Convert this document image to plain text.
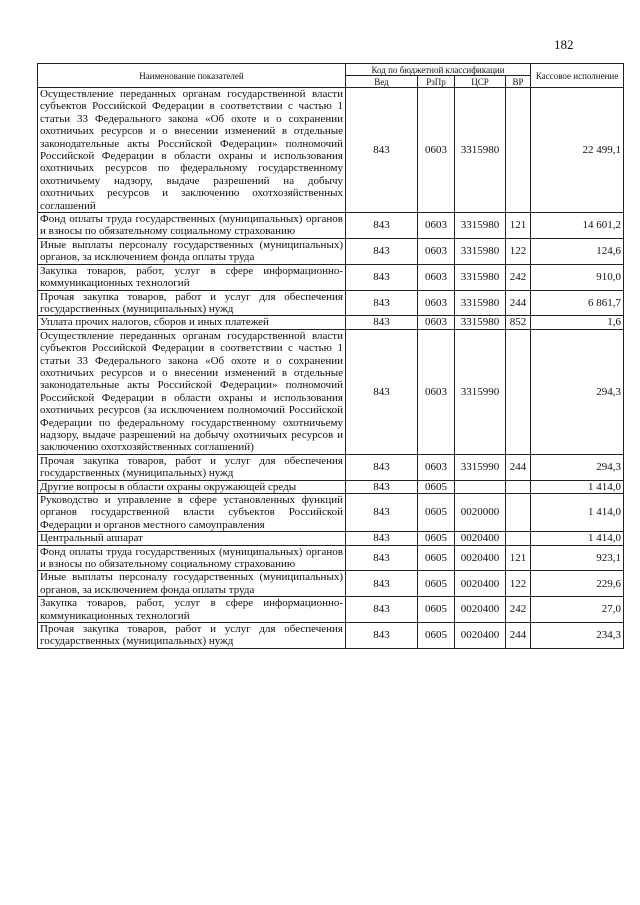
182
Наименование показателей	Код по бюджетной классификации				Кассовое исполнение
	Вед	РзПр	ЦСР	ВР	
Осуществление переданных органам государственной власти субъектов Российской Федерации в соответствии с частью 1 статьи 33 Федерального закона «Об охоте и о сохранении охотничьих ресурсов и о внесении изменений в отдельные законодательные акты Российской Федерации» полномочий Российской Федерации в области охраны и использования охотничьих ресурсов по федеральному государственному охотничьему надзору, выдаче разрешений на добычу охотничьих ресурсов и заключению охотхозяйственных соглашений	843	0603	3315980		22 499,1
Фонд оплаты труда государственных (муниципальных) органов и взносы по обязательному социальному страхованию	843	0603	3315980	121	14 601,2
Иные выплаты персоналу государственных (муниципальных) органов, за исключением фонда оплаты труда	843	0603	3315980	122	124,6
Закупка товаров, работ, услуг в сфере информационно-коммуникационных технологий	843	0603	3315980	242	910,0
Прочая закупка товаров, работ и услуг для обеспечения государственных (муниципальных) нужд	843	0603	3315980	244	6 861,7
Уплата прочих налогов, сборов и иных платежей	843	0603	3315980	852	1,6
Осуществление переданных органам государственной власти субъектов Российской Федерации в соответствии с частью 1 статьи 33 Федерального закона «Об охоте и о сохранении охотничьих ресурсов и о внесении изменений в отдельные законодательные акты Российской Федерации» полномочий Российской Федерации в области охраны и использования охотничьих ресурсов (за исключением полномочий Российской Федерации по федеральному государственному охотничьему надзору, выдаче разрешений на добычу охотничьих ресурсов и заключению охотхозяйственных соглашений)	843	0603	3315990		294,3
Прочая закупка товаров, работ и услуг для обеспечения государственных (муниципальных) нужд	843	0603	3315990	244	294,3
Другие вопросы в области охраны окружающей среды	843	0605			1 414,0
Руководство и управление в сфере установленных функций органов государственной власти субъектов Российской Федерации и органов местного самоуправления	843	0605	0020000		1 414,0
Центральный аппарат	843	0605	0020400		1 414,0
Фонд оплаты труда государственных (муниципальных) органов и взносы по обязательному социальному страхованию	843	0605	0020400	121	923,1
Иные выплаты персоналу государственных (муниципальных) органов, за исключением фонда оплаты труда	843	0605	0020400	122	229,6
Закупка товаров, работ, услуг в сфере информационно-коммуникационных технологий	843	0605	0020400	242	27,0
Прочая закупка товаров, работ и услуг для обеспечения государственных (муниципальных) нужд	843	0605	0020400	244	234,3
